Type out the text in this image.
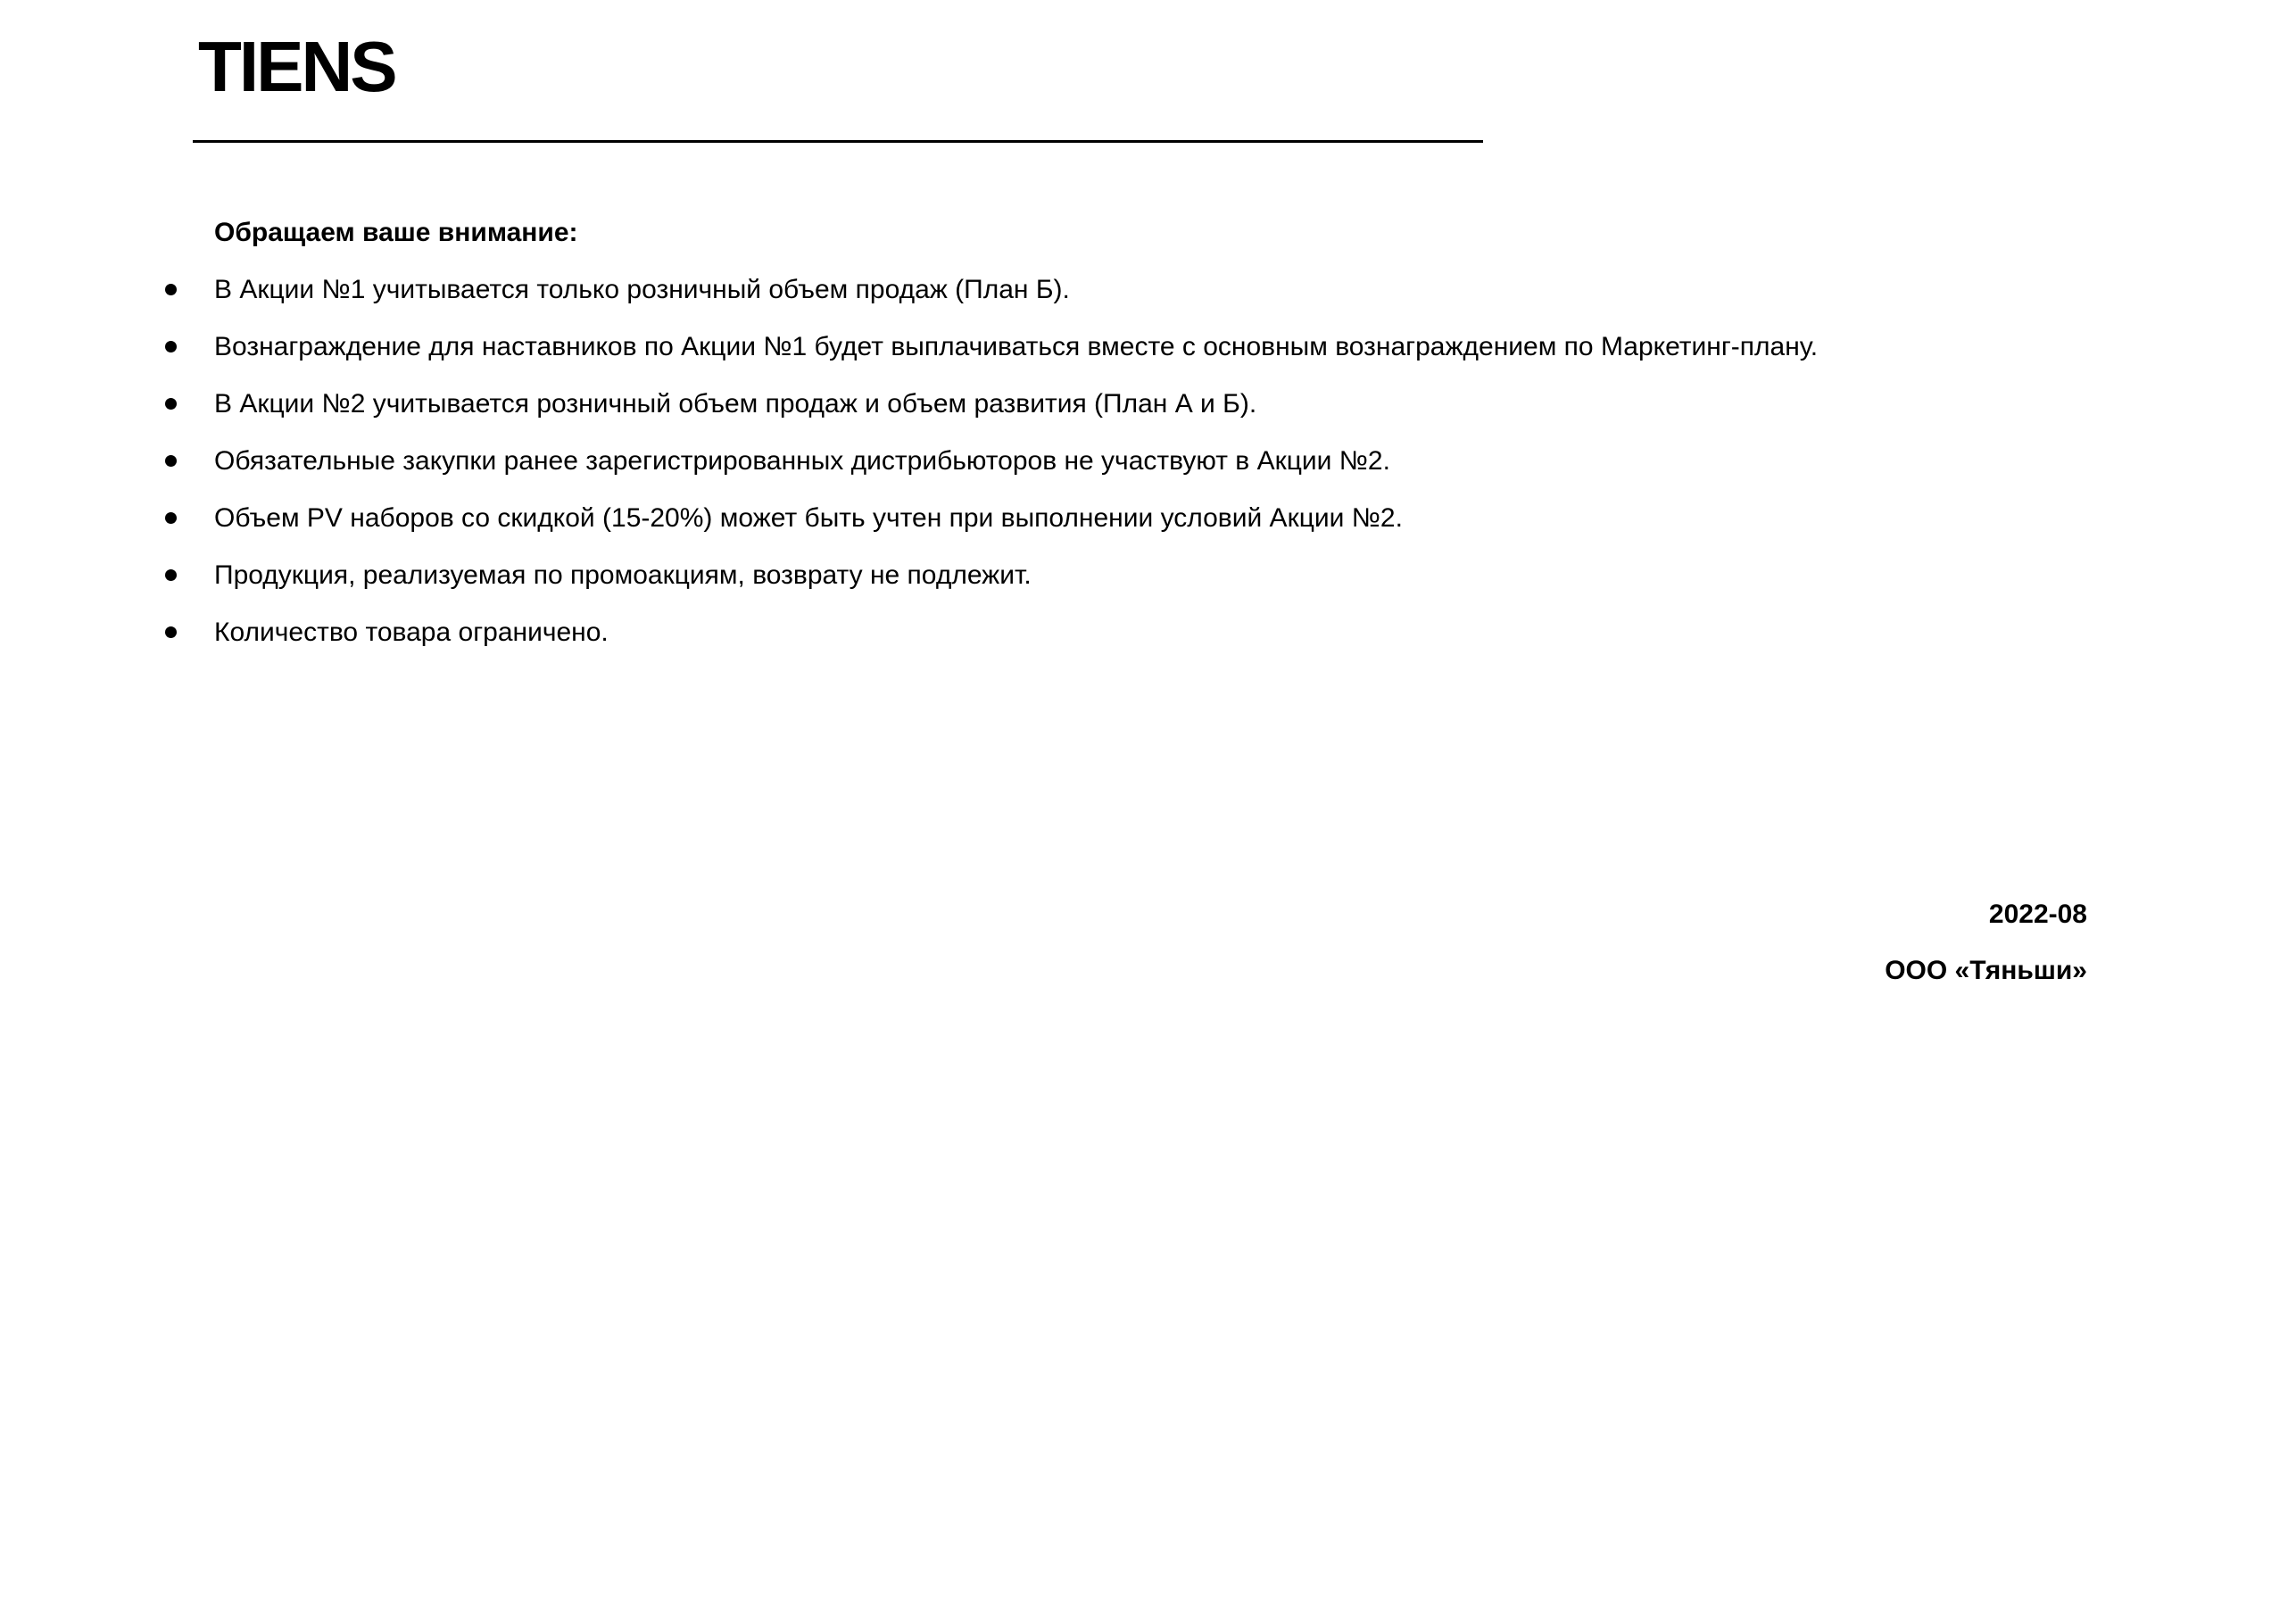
TIENS
Обращаем ваше внимание:
В Акции №1 учитывается только розничный объем продаж (План Б).
Вознаграждение для наставников по Акции №1 будет выплачиваться вместе с основным вознаграждением по Маркетинг-плану.
В Акции №2 учитывается розничный объем продаж и объем развития (План А и Б).
Обязательные закупки ранее зарегистрированных дистрибьюторов не участвуют в Акции №2.
Объем PV наборов со скидкой (15-20%) может быть учтен при выполнении условий Акции №2.
Продукция, реализуемая по промоакциям, возврату не подлежит.
Количество товара ограничено.
2022-08
ООО «Тяньши»
